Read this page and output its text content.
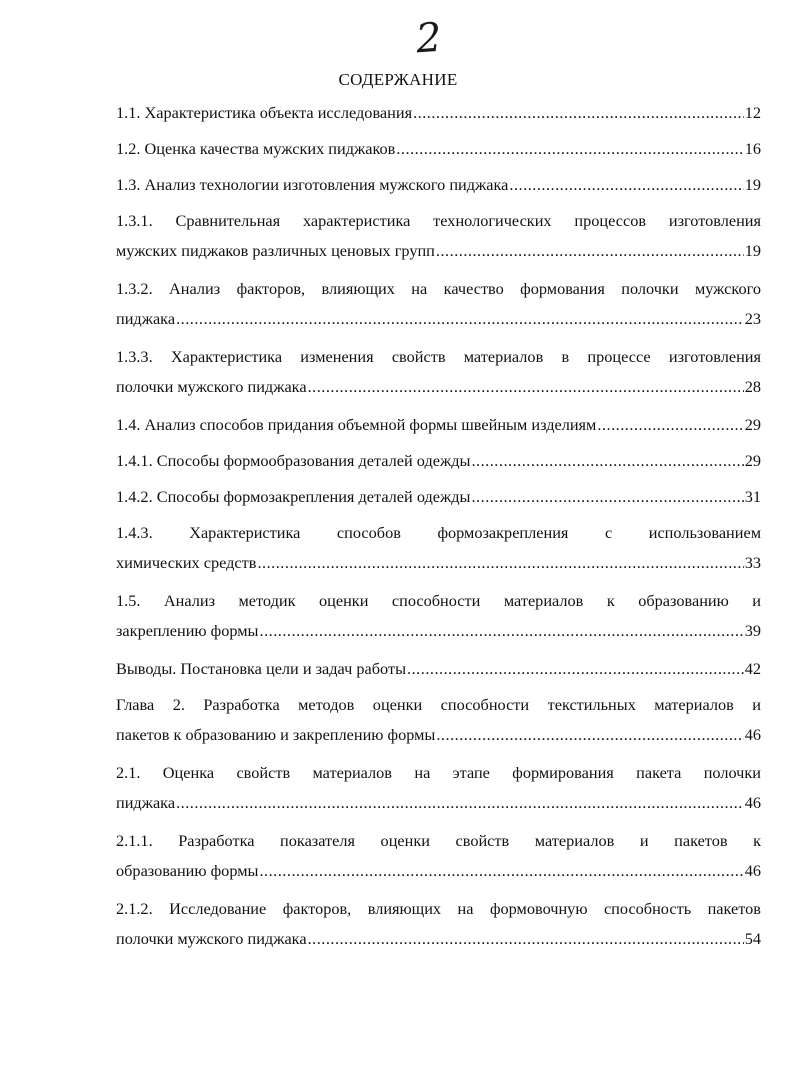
2
СОДЕРЖАНИЕ
1.1. Характеристика объекта исследования .....	12
1.2. Оценка качества мужских пиджаков .....	16
1.3. Анализ технологии изготовления мужского пиджака .....	19
1.3.1. Сравнительная характеристика технологических процессов изготовления
мужских пиджаков различных ценовых групп .....	19
1.3.2. Анализ факторов, влияющих на качество формования полочки мужского
пиджака .....	23
1.3.3. Характеристика изменения свойств материалов в процессе изготовления
полочки мужского пиджака .....	28
1.4. Анализ способов придания объемной формы швейным изделиям .....	29
1.4.1. Способы формообразования деталей одежды .....	29
1.4.2. Способы формозакрепления деталей одежды .....	31
1.4.3. Характеристика способов формозакрепления с использованием
химических средств .....	33
1.5. Анализ методик оценки способности материалов к образованию и
закреплению формы .....	39
Выводы. Постановка цели и задач работы .....	42
Глава 2. Разработка методов оценки способности текстильных материалов и
пакетов к образованию и закреплению формы .....	46
2.1. Оценка свойств материалов на этапе формирования пакета полочки
пиджака .....	46
2.1.1. Разработка показателя оценки свойств материалов и пакетов к
образованию формы .....	46
2.1.2. Исследование факторов, влияющих на формовочную способность пакетов
полочки мужского пиджака .....	54
